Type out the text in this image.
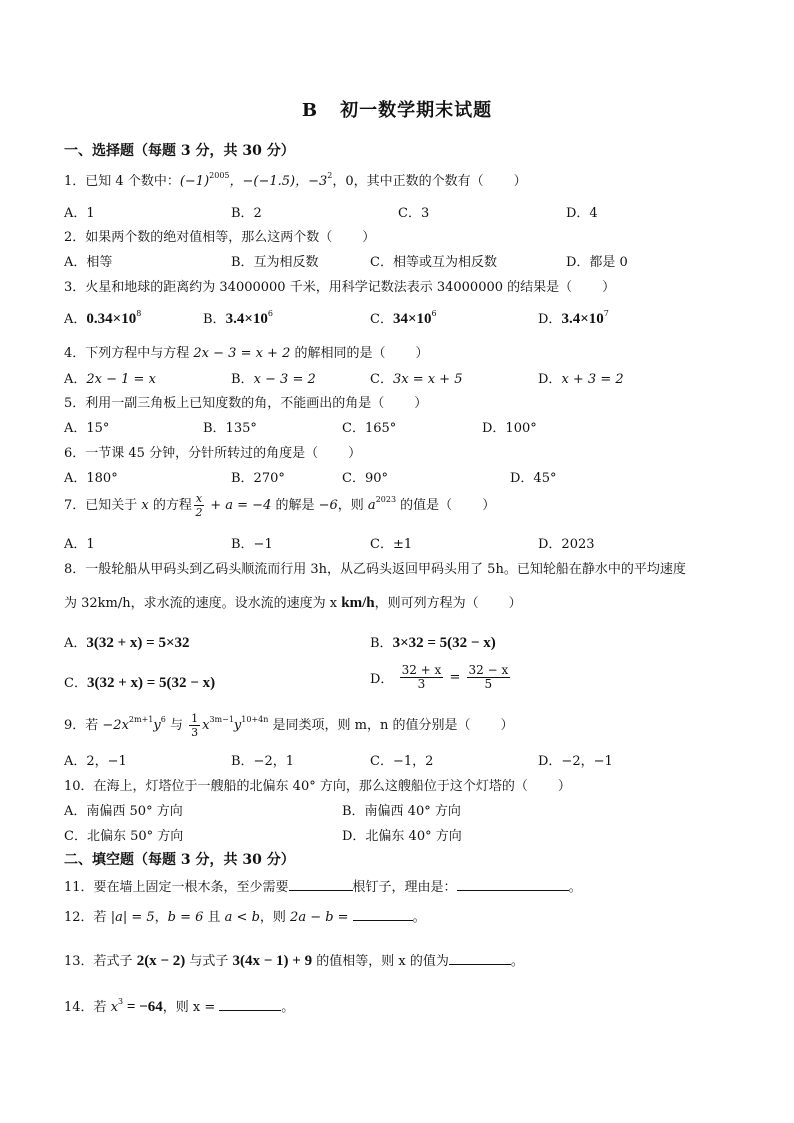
B 初一数学期末试题
一、选择题（每题 3 分，共 30 分）
1．已知 4 个数中：$(-1)^{2005}$，−(−1.5)，$-3^2$，0，其中正数的个数有（ ）
A．1	B．2	C．3	D．4
2．如果两个数的绝对值相等，那么这两个数（ ）
A．相等	B．互为相反数	C．相等或互为相反数	D．都是 0
3．火星和地球的距离约为 34000000 千米，用科学记数法表示 34000000 的结果是（ ）
A．$0.34\times 10^8$	B．$3.4\times 10^6$	C．$34\times 10^6$	D．$3.4\times 10^7$
4．下列方程中与方程 2x − 3 = x + 2 的解相同的是（ ）
A．2x − 1 = x	B．x − 3 = 2	C．3x = x + 5	D．x + 3 = 2
5．利用一副三角板上已知度数的角，不能画出的角是（ ）
A．15°	B．135°	C．165°	D．100°
6．一节课 45 分钟，分针所转过的角度是（ ）
A．180°	B．270°	C．90°	D．45°
7．已知关于 x 的方程 $\frac{x}{2} + a = -4$ 的解是 −6，则 $a^{2023}$ 的值是（ ）
A．1	B．−1	C．±1	D．2023
8．一般轮船从甲码头到乙码头顺流而行用 3h，从乙码头返回甲码头用了 5h。已知轮船在静水中的平均速度
为 32km/h，求水流的速度。设水流的速度为 x km/h，则可列方程为（ ）
A．3(32 + x) = 5×32	B．3×32 = 5(32 − x)
C．3(32 + x) = 5(32 − x)	D． $\frac{32 + x}{3} = \frac{32 - x}{5}$
9．若 $-2x^{2m+1}y^6$ 与 $\frac{1}{3} x^{3m-1}y^{10+4n}$ 是同类项，则 m，n 的值分别是（ ）
A．2，−1	B．−2，1	C．−1，2	D．−2，−1
10．在海上，灯塔位于一艘船的北偏东 40° 方向，那么这艘船位于这个灯塔的（ ）
A．南偏西 50° 方向	B．南偏西 40° 方向
C．北偏东 50° 方向	D．北偏东 40° 方向
二、填空题（每题 3 分，共 30 分）
11．要在墙上固定一根木条，至少需要	根钉子，理由是：	。
12．若 |a| = 5，b = 6 且 a < b，则 2a − b =	。
13．若式子 2(x − 2) 与式子 3(4x − 1) + 9 的值相等，则 x 的值为	。
14．若 $x^3 = -64$，则 x =	。
